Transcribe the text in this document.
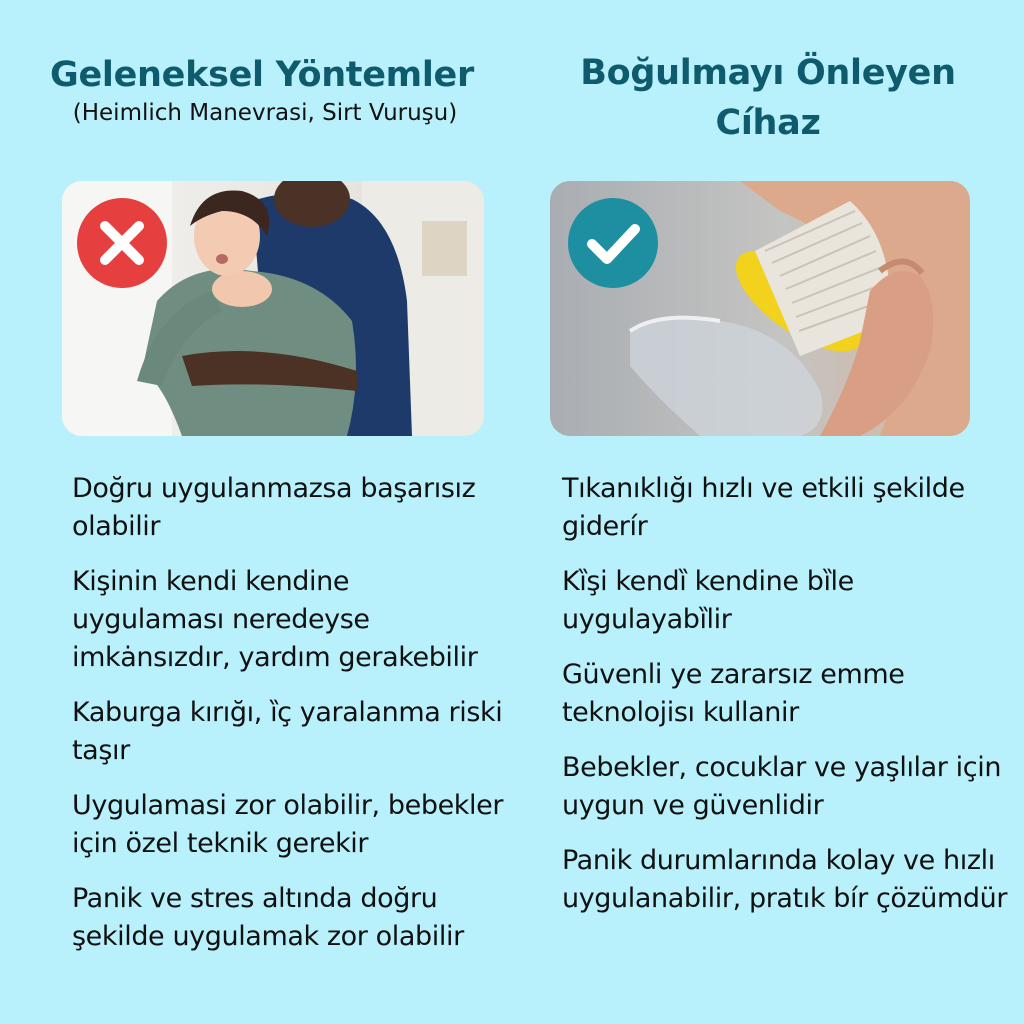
Geleneksel Yöntemler

(Heimlich Manevrasi, Sirt Vuruşu)

Doğru uygulanmazsa başarısız olabilir
Kişinin kendi kendine uygulaması neredeyse imkȧnsızdır, yardım gerakebilir
Kaburga kırığı, ȉç yaralanma riski taşır
Uygulamasi zor olabilir, bebekler için özel teknik gerekir
Panik ve stres altında doğru şekilde uygulamak zor olabilir
Boğulmayı Önleyen Cíhaz
Tıkanıklığı hızlı ve etkili şekilde giderír
Kȉşi kendȉ kendine bȉle uygulayabȉlir
Güvenli ye zararsız emme teknolojisı kullanir
Bebekler, cocuklar ve yaşlılar için uygun ve güvenlidir
Panik durumlarında kolay ve hızlı uygulanabilir, pratık bír çözümdür
